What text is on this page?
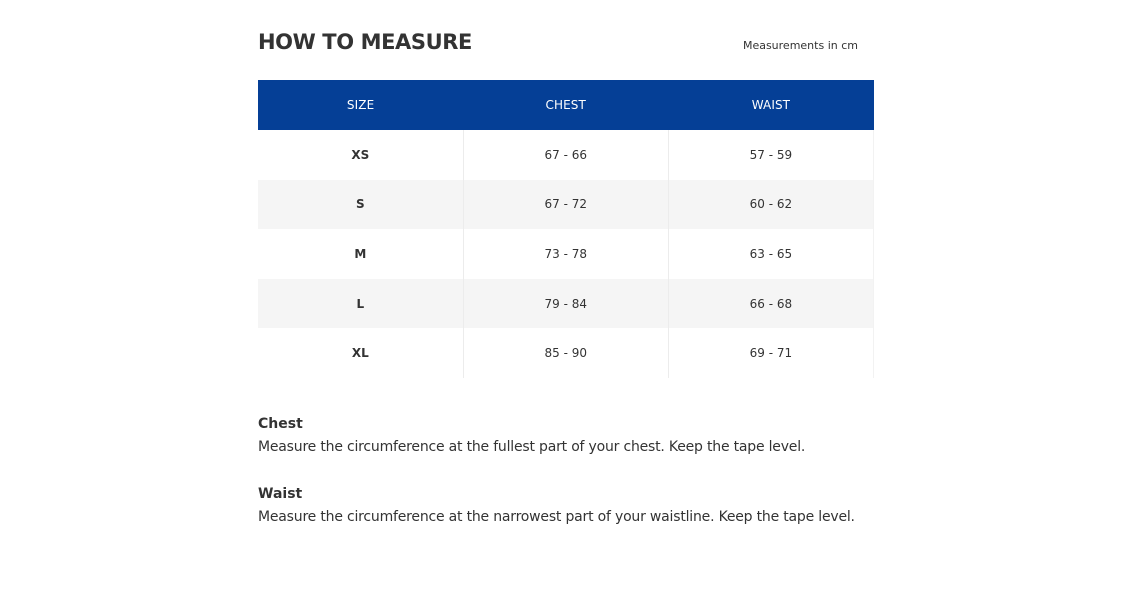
HOW TO MEASURE	Measurements in cm
SIZE	CHEST	WAIST
XS	67 - 66	57 - 59
S	67 - 72	60 - 62
M	73 - 78	63 - 65
L	79 - 84	66 - 68
XL	85 - 90	69 - 71
Chest

Measure the circumference at the fullest part of your chest. Keep the tape level.

Waist

Measure the circumference at the narrowest part of your waistline. Keep the tape level.
